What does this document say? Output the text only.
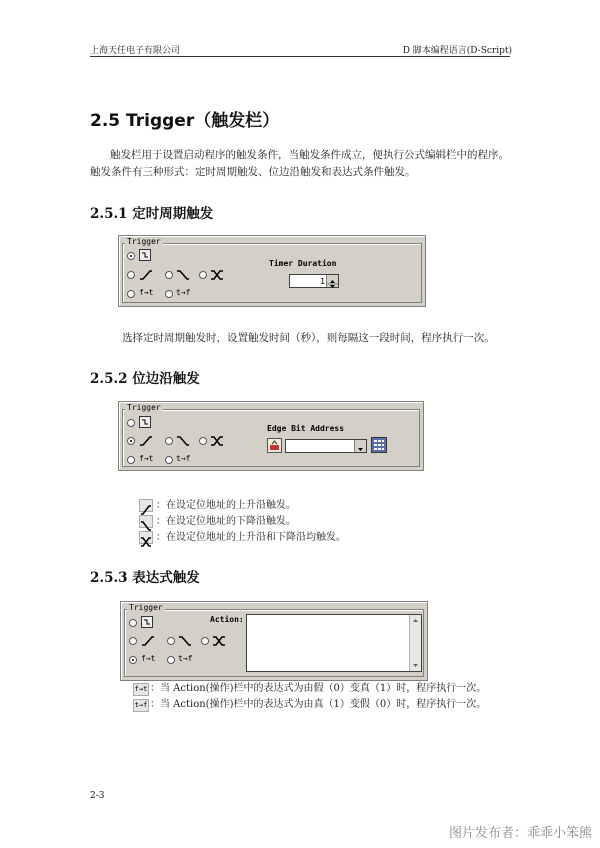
上海天任电子有限公司	D 脚本编程语言(D-Script)
2.5 Trigger（触发栏）
触发栏用于设置启动程序的触发条件，当触发条件成立，便执行公式编辑栏中的程序。
触发条件有三种形式：定时周期触发、位边沿触发和表达式条件触发。
2.5.1 定时周期触发
Trigger
f→t	t→f
Timer Duration
1
选择定时周期触发时，设置触发时间（秒），则每隔这一段时间，程序执行一次。
2.5.2 位边沿触发
Trigger
f→t	t→f
Edge Bit Address
：在设定位地址的上升沿触发。
：在设定位地址的下降沿触发。
：在设定位地址的上升沿和下降沿均触发。
2.5.3 表达式触发
Trigger
f→t	t→f
Action:
f→t ：当 Action(操作)栏中的表达式为由假（0）变真（1）时，程序执行一次。
t→f ：当 Action(操作)栏中的表达式为由真（1）变假（0）时，程序执行一次。
2-3
图片发布者：乖乖小笨熊
